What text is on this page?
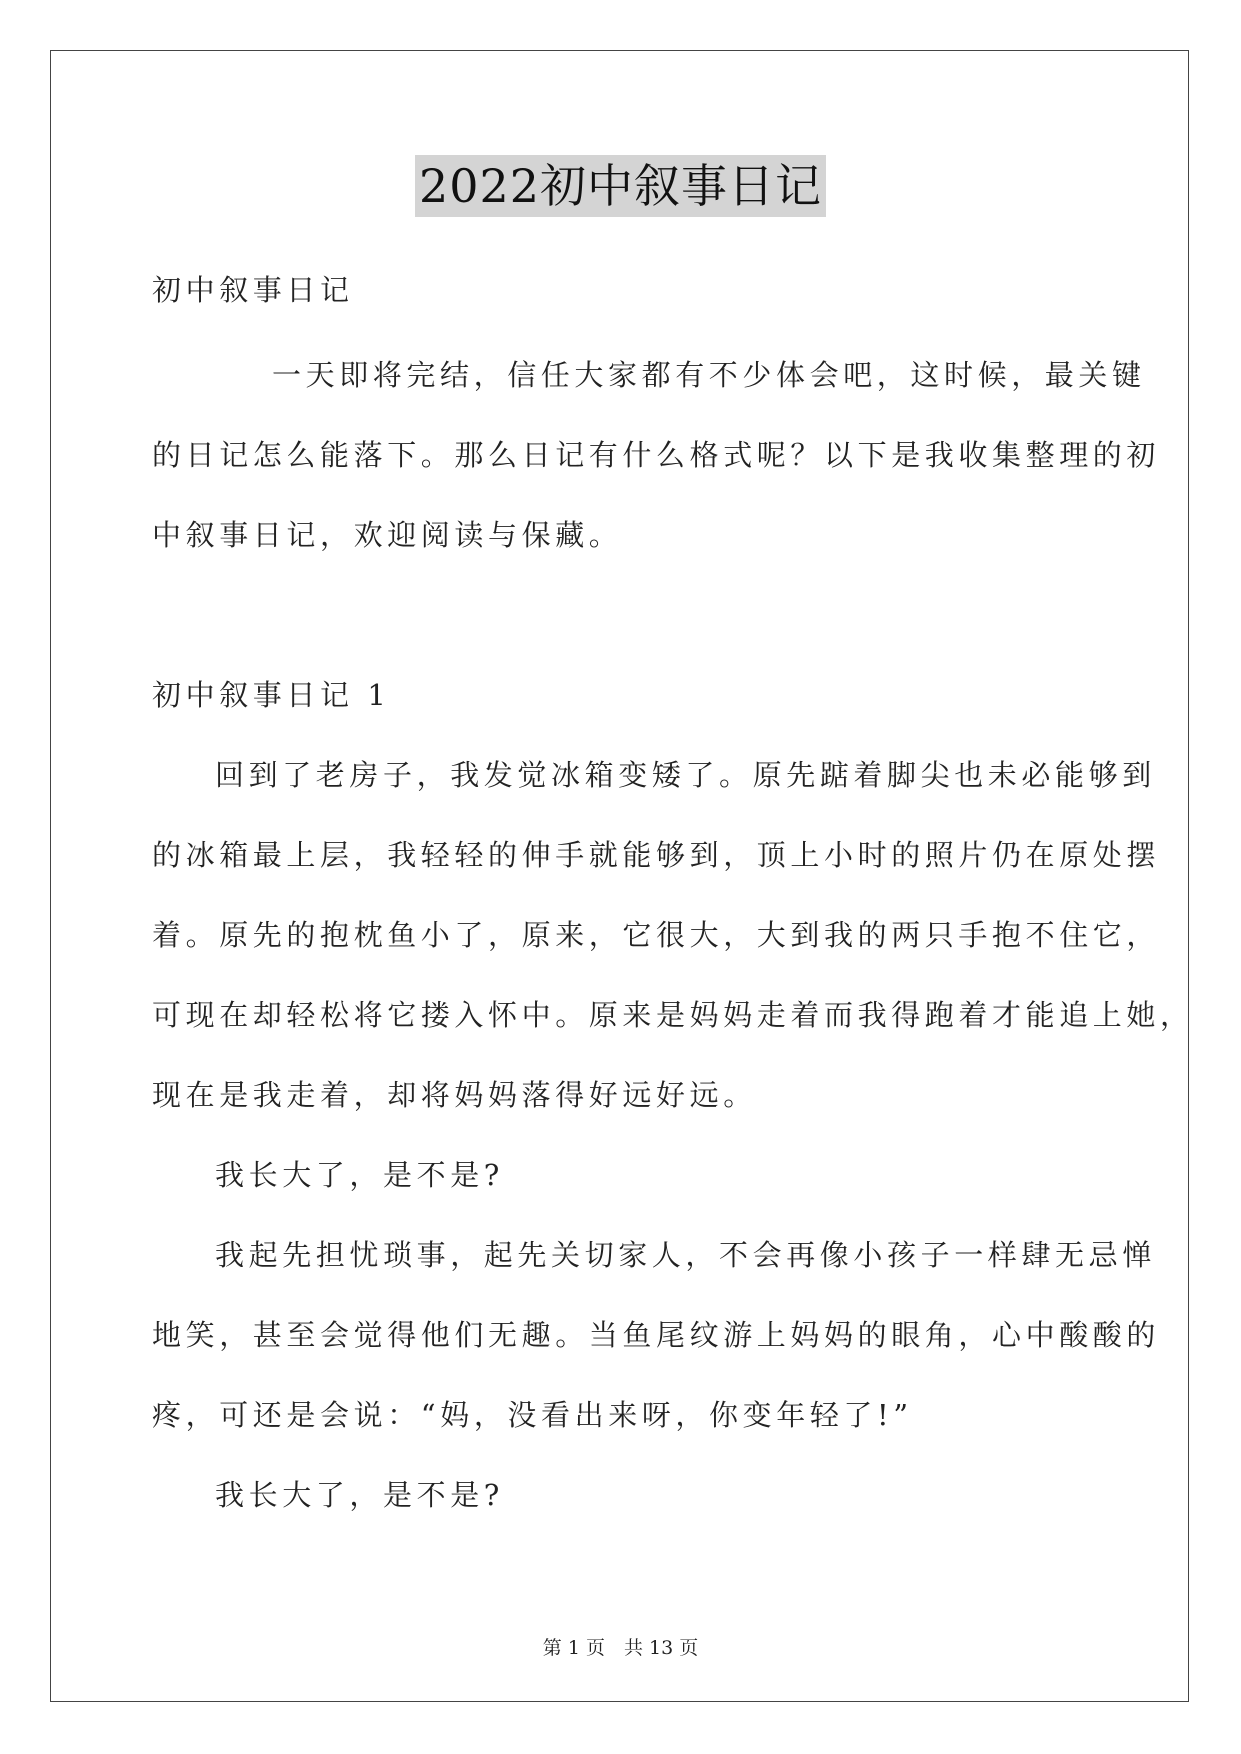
2022初中叙事日记
初中叙事日记
一天即将完结，信任大家都有不少体会吧，这时候，最关键
的日记怎么能落下。那么日记有什么格式呢？以下是我收集整理的初
中叙事日记，欢迎阅读与保藏。
初中叙事日记 1
回到了老房子，我发觉冰箱变矮了。原先踮着脚尖也未必能够到
的冰箱最上层，我轻轻的伸手就能够到，顶上小时的照片仍在原处摆
着。原先的抱枕鱼小了，原来，它很大，大到我的两只手抱不住它，
可现在却轻松将它搂入怀中。原来是妈妈走着而我得跑着才能追上她，
现在是我走着，却将妈妈落得好远好远。
我长大了，是不是?
我起先担忧琐事，起先关切家人，不会再像小孩子一样肆无忌惮
地笑，甚至会觉得他们无趣。当鱼尾纹游上妈妈的眼角，心中酸酸的
疼，可还是会说：“妈，没看出来呀，你变年轻了!”
我长大了，是不是?
第 1 页　共 13 页
